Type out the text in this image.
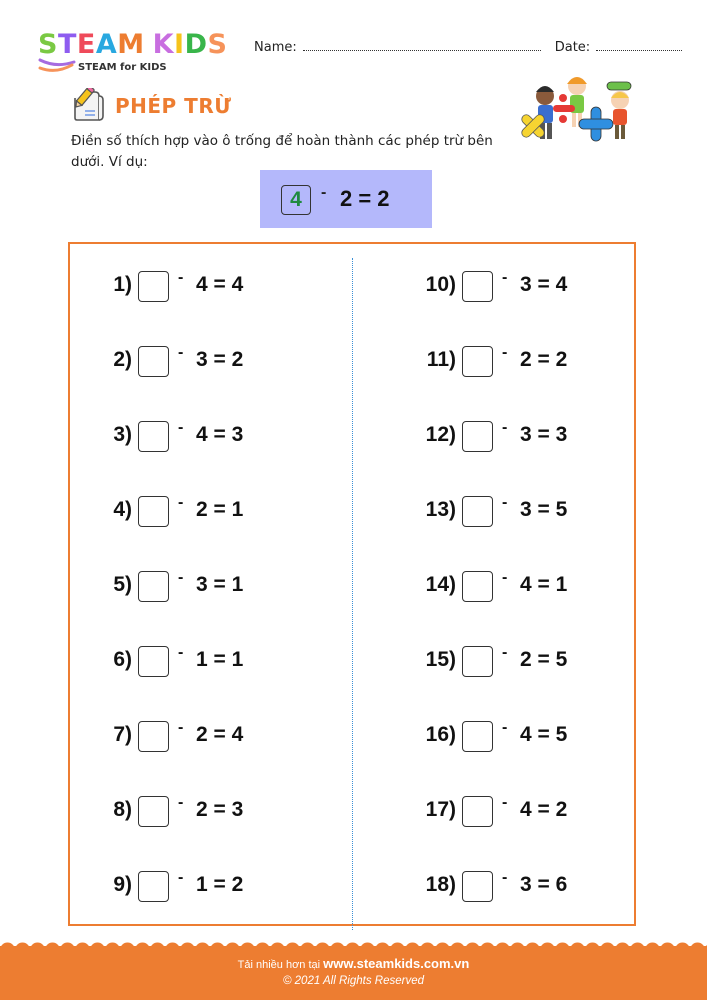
STEAM KIDS
STEAM for KIDS
Name:	Date:
PHÉP TRỪ
Điền số thích hợp vào ô trống để hoàn thành các phép trừ bên dưới. Ví dụ:
4	- 2 = 2
1)	- 4 = 4
2)	- 3 = 2
3)	- 4 = 3
4)	- 2 = 1
5)	- 3 = 1
6)	- 1 = 1
7)	- 2 = 4
8)	- 2 = 3
9)	- 1 = 2
10)	- 3 = 4
11)	- 2 = 2
12)	- 3 = 3
13)	- 3 = 5
14)	- 4 = 1
15)	- 2 = 5
16)	- 4 = 5
17)	- 4 = 2
18)	- 3 = 6
Tải nhiều hơn tại www.steamkids.com.vn
© 2021 All Rights Reserved
